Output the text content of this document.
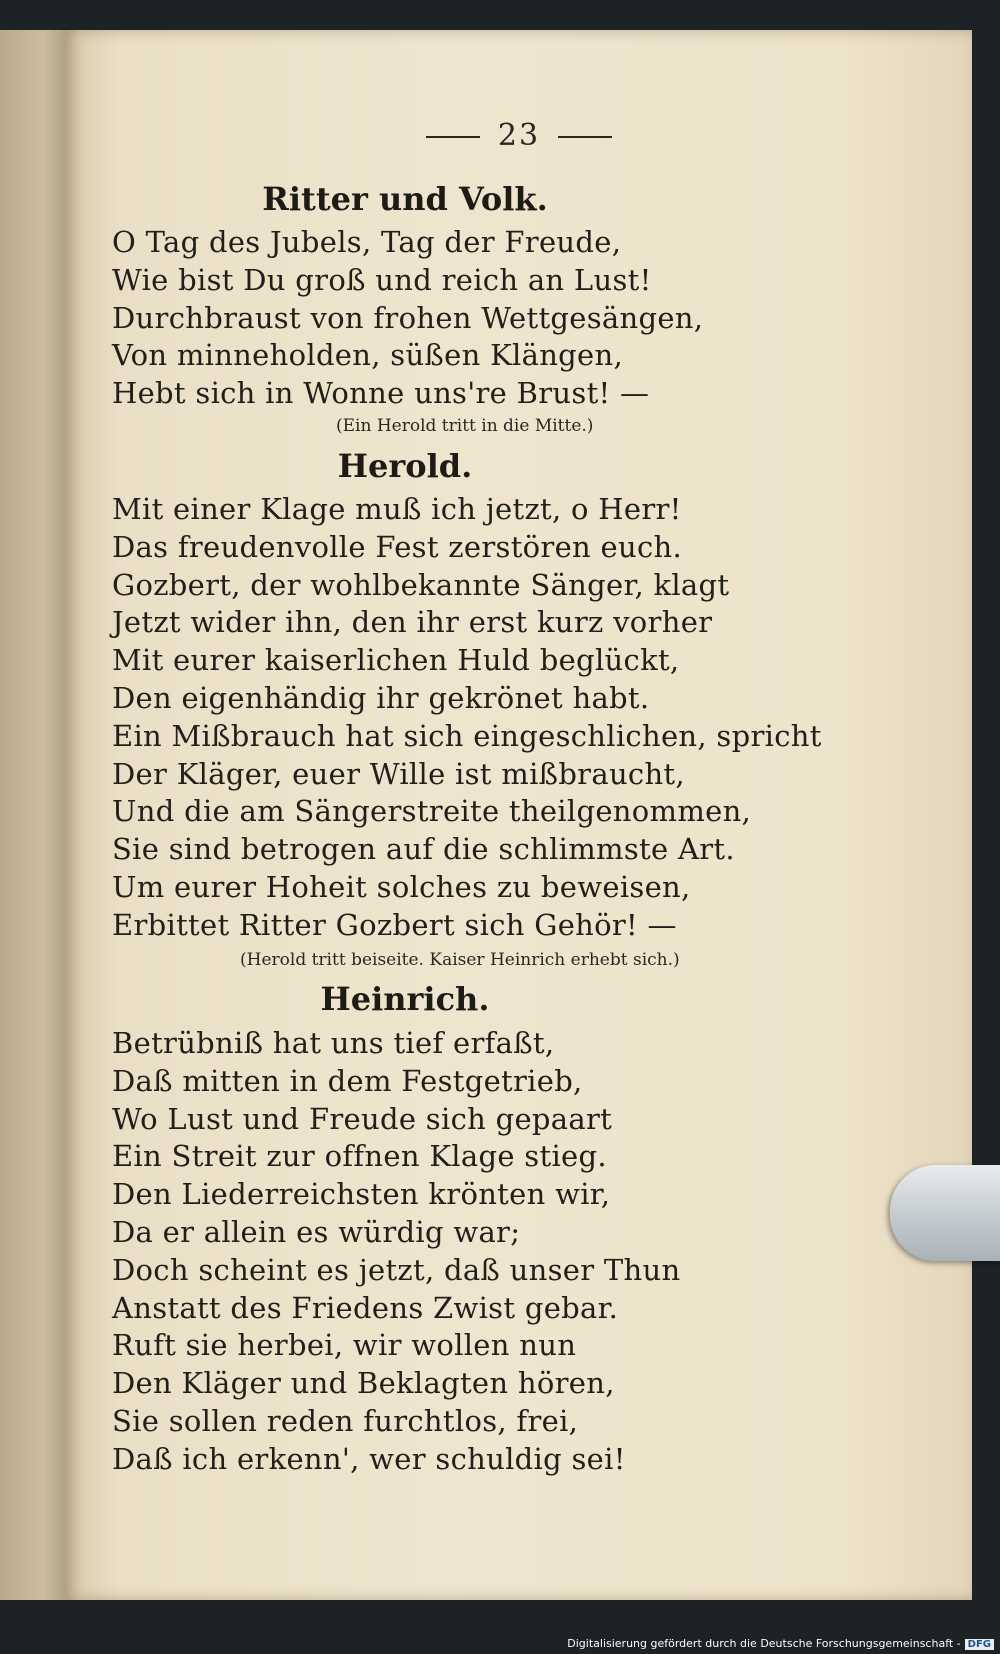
23
Ritter und Volk.
O Tag des Jubels, Tag der Freude,
Wie bist Du groß und reich an Lust!
Durchbraust von frohen Wettgesängen,
Von minneholden, süßen Klängen,
Hebt sich in Wonne uns're Brust! —
(Ein Herold tritt in die Mitte.)
Herold.
Mit einer Klage muß ich jetzt, o Herr!
Das freudenvolle Fest zerstören euch.
Gozbert, der wohlbekannte Sänger, klagt
Jetzt wider ihn, den ihr erst kurz vorher
Mit eurer kaiserlichen Huld beglückt,
Den eigenhändig ihr gekrönet habt.
Ein Mißbrauch hat sich eingeschlichen, spricht
Der Kläger, euer Wille ist mißbraucht,
Und die am Sängerstreite theilgenommen,
Sie sind betrogen auf die schlimmste Art.
Um eurer Hoheit solches zu beweisen,
Erbittet Ritter Gozbert sich Gehör! —
(Herold tritt beiseite. Kaiser Heinrich erhebt sich.)
Heinrich.
Betrübniß hat uns tief erfaßt,
Daß mitten in dem Festgetrieb,
Wo Lust und Freude sich gepaart
Ein Streit zur offnen Klage stieg.
Den Liederreichsten krönten wir,
Da er allein es würdig war;
Doch scheint es jetzt, daß unser Thun
Anstatt des Friedens Zwist gebar.
Ruft sie herbei, wir wollen nun
Den Kläger und Beklagten hören,
Sie sollen reden furchtlos, frei,
Daß ich erkenn', wer schuldig sei!
Digitalisierung gefördert durch die Deutsche Forschungsgemeinschaft - DFG
